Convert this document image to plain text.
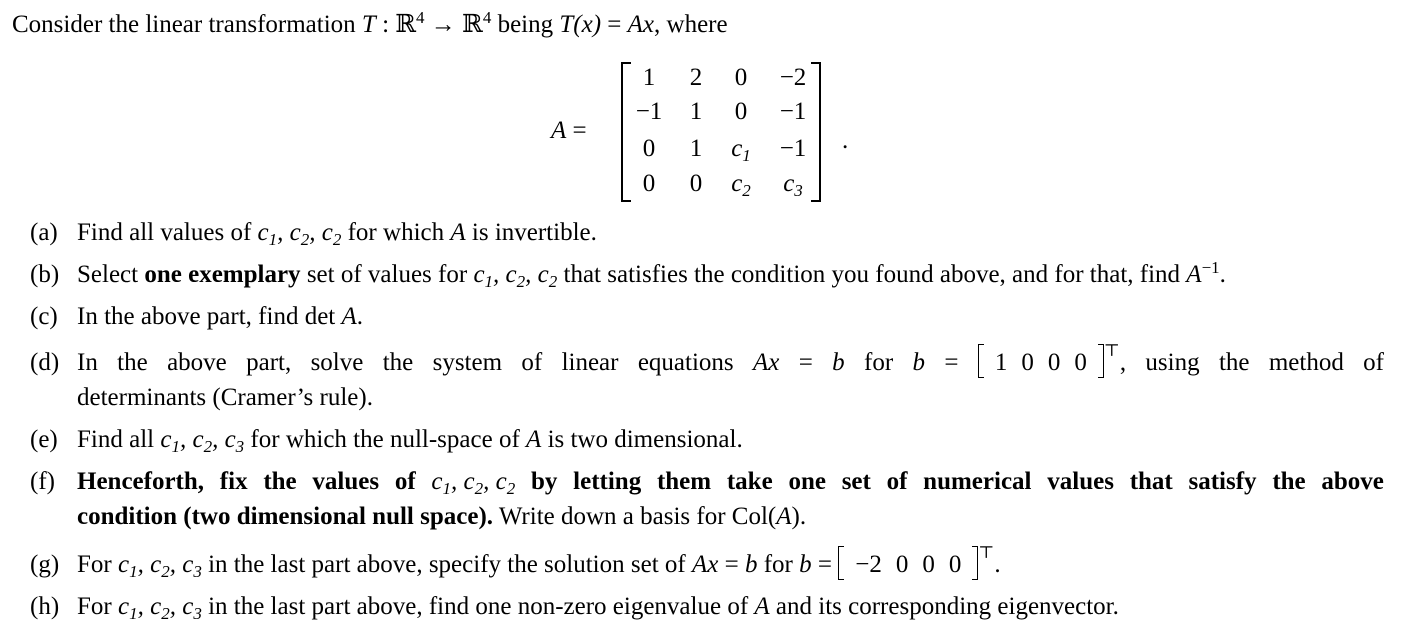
Consider the linear transformation T : ℝ$^4$ → ℝ$^4$ being T(x) = Ax, where
A =
1	2	0	−2
−1	1	0	−1
0	1	$c_1$	−1
0	0	$c_2$	$c_3$
.
(a) Find all values of $c_1$, $c_2$, $c_2$ for which A is invertible.
(b) Select one exemplary set of values for $c_1$, $c_2$, $c_2$ that satisfies the condition you found above, and for that, find $A^{-1}$.
(c) In the above part, find det A.
(d) In the above part, solve the system of linear equations Ax = b for b =	1 0 0 0 ⊤, using the method of
determinants (Cramer’s rule).
(e) Find all $c_1$, $c_2$, $c_3$ for which the null-space of A is two dimensional.
(f) Henceforth, fix the values of $c_1$, $c_2$, $c_2$ by letting them take one set of numerical values that satisfy the above
condition (two dimensional null space). Write down a basis for Col(A).
(g) For $c_1$, $c_2$, $c_3$ in the last part above, specify the solution set of Ax = b for b = −2 0 0 0 ⊤.
(h) For $c_1$, $c_2$, $c_3$ in the last part above, find one non-zero eigenvalue of A and its corresponding eigenvector.
